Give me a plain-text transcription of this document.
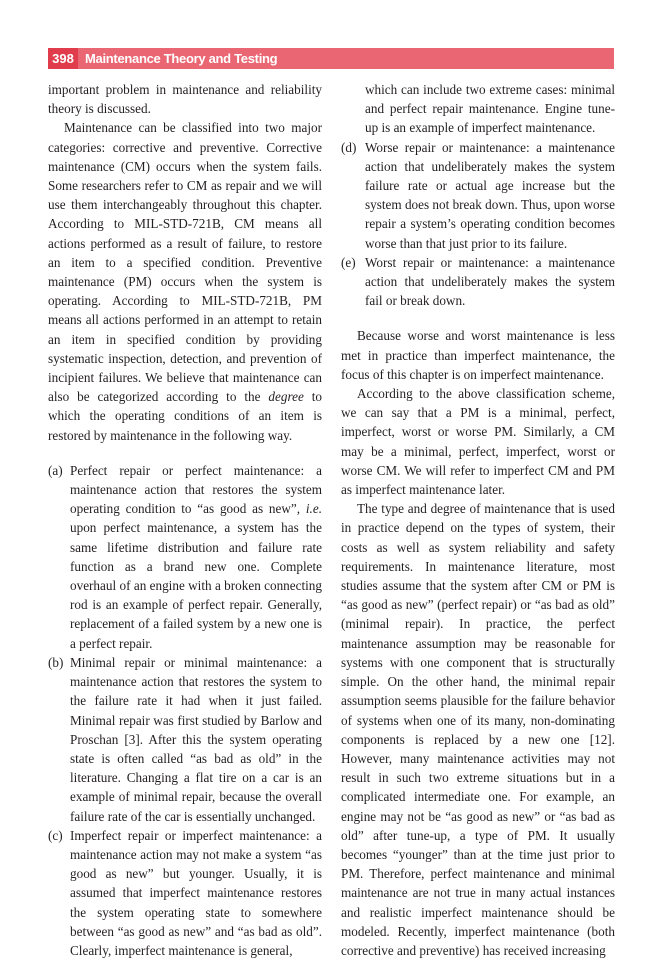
398 Maintenance Theory and Testing

important problem in maintenance and reliability theory is discussed.

Maintenance can be classified into two major categories: corrective and preventive. Corrective maintenance (CM) occurs when the system fails. Some researchers refer to CM as repair and we will use them interchangeably throughout this chapter. According to MIL-STD-721B, CM means all actions performed as a result of failure, to restore an item to a specified condition. Preventive maintenance (PM) occurs when the system is operating. According to MIL-STD-721B, PM means all actions performed in an attempt to retain an item in specified condition by providing systematic inspection, detection, and prevention of incipient failures. We believe that maintenance can also be categorized according to the degree to which the operating conditions of an item is restored by maintenance in the following way.

(a) Perfect repair or perfect maintenance: a maintenance action that restores the system operating condition to “as good as new”, i.e. upon perfect maintenance, a system has the same lifetime distribution and failure rate function as a brand new one. Complete overhaul of an engine with a broken connecting rod is an example of perfect repair. Generally, replacement of a failed system by a new one is a perfect repair.
(b) Minimal repair or minimal maintenance: a maintenance action that restores the system to the failure rate it had when it just failed. Minimal repair was first studied by Barlow and Proschan [3]. After this the system operating state is often called “as bad as old” in the literature. Changing a flat tire on a car is an example of minimal repair, because the overall failure rate of the car is essentially unchanged.
(c) Imperfect repair or imperfect maintenance: a maintenance action may not make a system “as good as new” but younger. Usually, it is assumed that imperfect maintenance restores the system operating state to somewhere between “as good as new” and “as bad as old”. Clearly, imperfect maintenance is general,
which can include two extreme cases: minimal and perfect repair maintenance. Engine tune-up is an example of imperfect maintenance.
(d) Worse repair or maintenance: a maintenance action that undeliberately makes the system failure rate or actual age increase but the system does not break down. Thus, upon worse repair a system’s operating condition becomes worse than that just prior to its failure.
(e) Worst repair or maintenance: a maintenance action that undeliberately makes the system fail or break down.

Because worse and worst maintenance is less met in practice than imperfect maintenance, the focus of this chapter is on imperfect maintenance.

According to the above classification scheme, we can say that a PM is a minimal, perfect, imperfect, worst or worse PM. Similarly, a CM may be a minimal, perfect, imperfect, worst or worse CM. We will refer to imperfect CM and PM as imperfect maintenance later.

The type and degree of maintenance that is used in practice depend on the types of system, their costs as well as system reliability and safety requirements. In maintenance literature, most studies assume that the system after CM or PM is “as good as new” (perfect repair) or “as bad as old” (minimal repair). In practice, the perfect maintenance assumption may be reasonable for systems with one component that is structurally simple. On the other hand, the minimal repair assumption seems plausible for the failure behavior of systems when one of its many, non-dominating components is replaced by a new one [12]. However, many maintenance activities may not result in such two extreme situations but in a complicated intermediate one. For example, an engine may not be “as good as new” or “as bad as old” after tune-up, a type of PM. It usually becomes “younger” than at the time just prior to PM. Therefore, perfect maintenance and minimal maintenance are not true in many actual instances and realistic imperfect maintenance should be modeled. Recently, imperfect maintenance (both corrective and preventive) has received increasing
